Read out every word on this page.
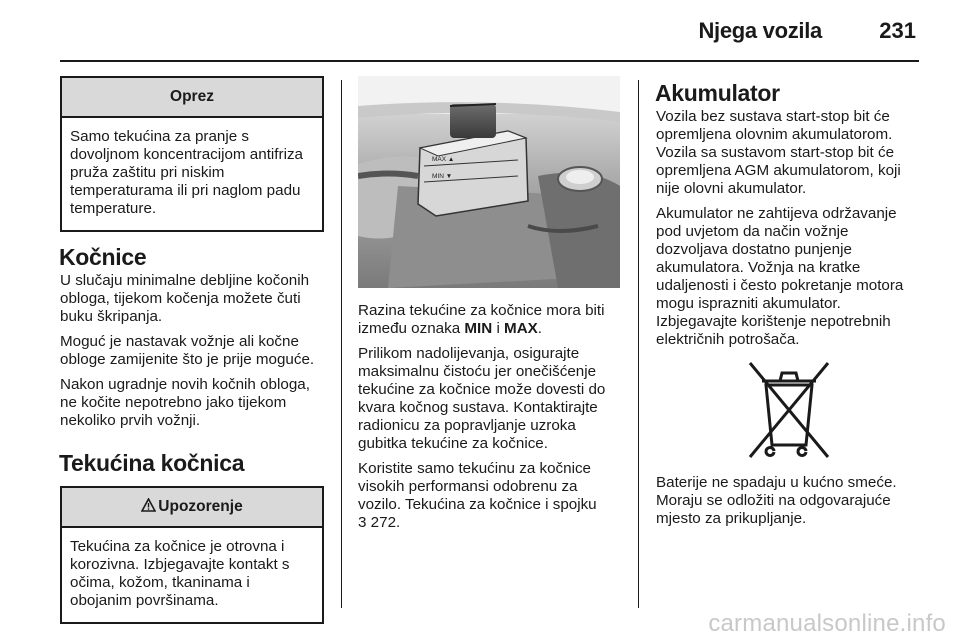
Njega vozila	231
Oprez

Samo tekućina za pranje s dovoljnom koncentracijom antifriza pruža zaštitu pri niskim temperaturama ili pri naglom padu temperature.

Kočnice

U slučaju minimalne debljine kočonih obloga, tijekom kočenja možete čuti buku škripanja.

Moguć je nastavak vožnje ali kočne obloge zamijenite što je prije moguće.

Nakon ugradnje novih kočnih obloga, ne kočite nepotrebno jako tijekom nekoliko prvih vožnji.

Tekućina kočnica
Upozorenje

Tekućina za kočnice je otrovna i korozivna. Izbjegavajte kontakt s očima, kožom, tkaninama i obojanim površinama.

MAX ▲
MIN ▼

Razina tekućine za kočnice mora biti između oznaka MIN i MAX.

Prilikom nadolijevanja, osigurajte maksimalnu čistoću jer onečišćenje tekućine za kočnice može dovesti do kvara kočnog sustava. Kontaktirajte radionicu za popravljanje uzroka gubitka tekućine za kočnice.

Koristite samo tekućinu za kočnice visokih performansi odobrenu za vozilo. Tekućina za kočnice i spojku
3 272.

Akumulator

Vozila bez sustava start-stop bit će opremljena olovnim akumulatorom. Vozila sa sustavom start-stop bit će opremljena AGM akumulatorom, koji nije olovni akumulator.

Akumulator ne zahtijeva održavanje pod uvjetom da način vožnje dozvoljava dostatno punjenje akumulatora. Vožnja na kratke udaljenosti i često pokretanje motora mogu isprazniti akumulator. Izbjegavajte korištenje nepotrebnih električnih potrošača.

Baterije ne spadaju u kućno smeće. Moraju se odložiti na odgovarajuće mjesto za prikupljanje.

carmanualsonline.info
